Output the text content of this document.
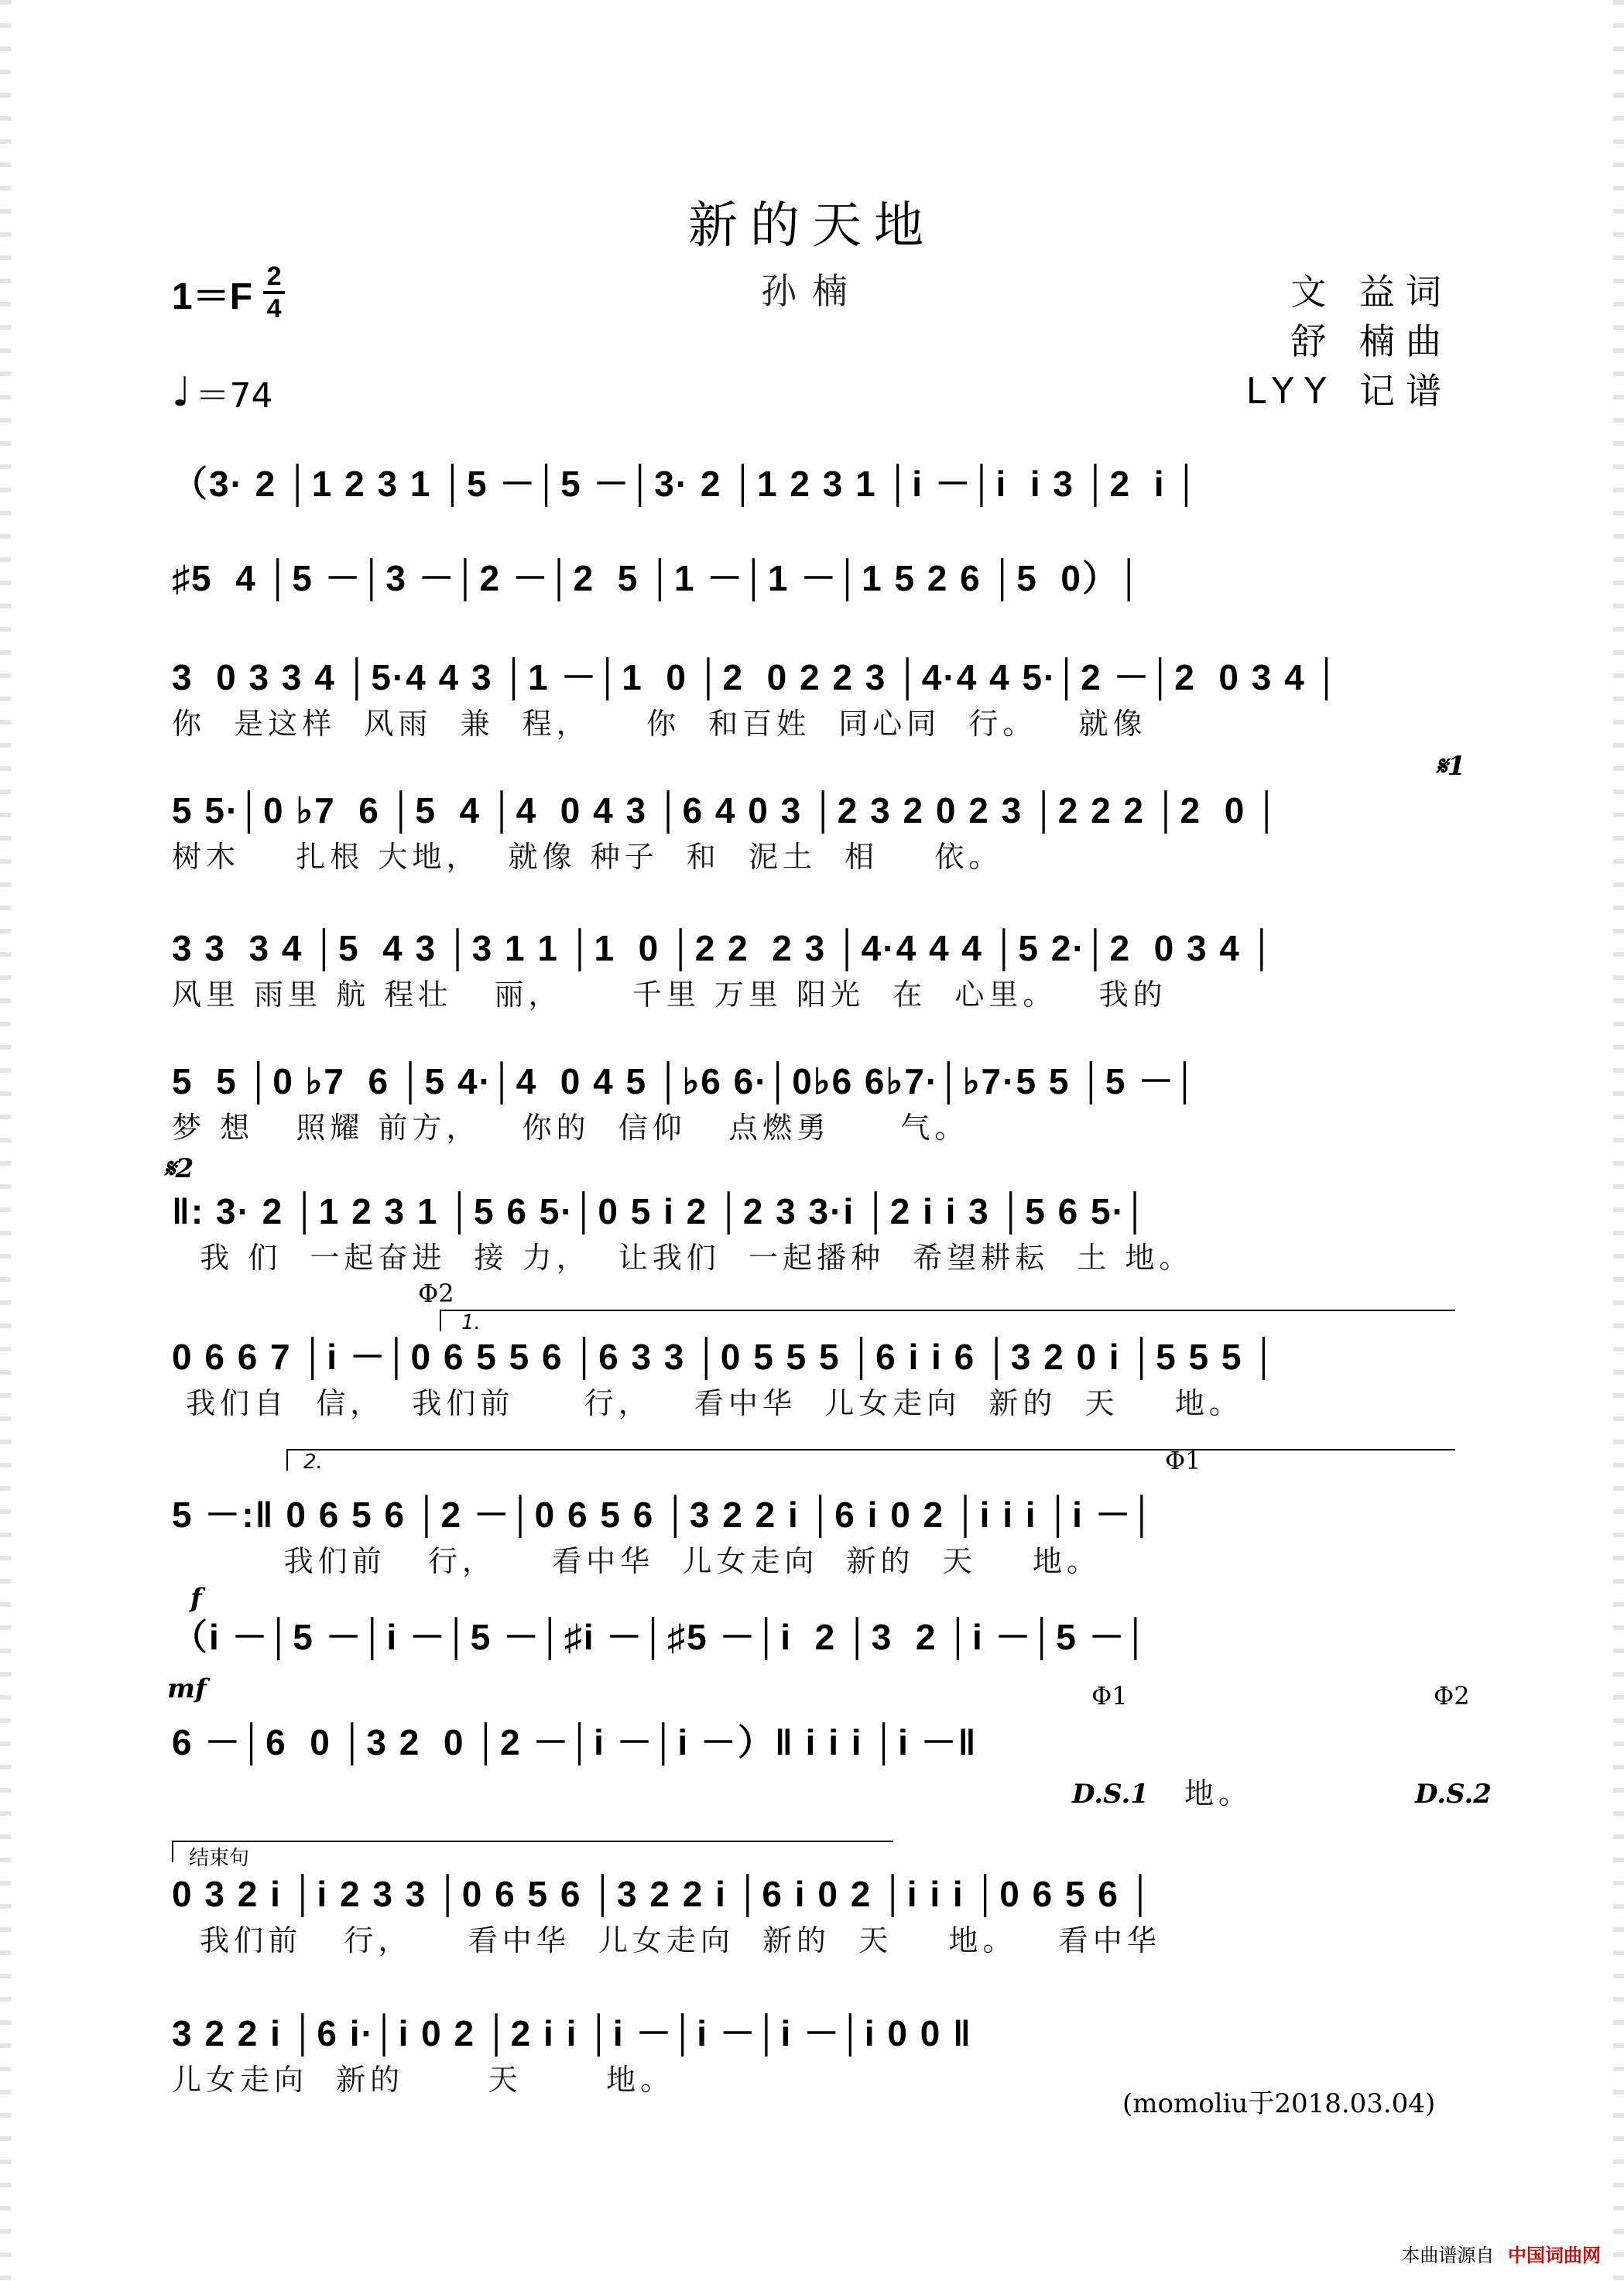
新的天地
孙楠
1＝F 2
4
♩ ＝74
文 益词
舒 楠曲
LYY 记谱
（3· 2 │1 2 3 1 │5 －│5 －│3· 2 │1 2 3 1 │i －│i  i 3 │2  i │
♯5  4 │5 －│3 －│2 －│2  5 │1 －│1 －│1 5 2 6 │5  0）│
3  0 3 3 4 │5·4 4 3 │1 －│1  0 │2  0 2 2 3 │4·4 4 5·│2 －│2  0 3 4 │
你  是这样  风雨  兼  程，    你  和百姓  同心同  行。   就像
5 5·│0 ♭7  6 │5  4 │4  0 4 3 │6 4 0 3 │2 3 2 0 2 3 │2 2 2 │2  0 │
树木    扎根 大地，  就像 种子  和  泥土  相    依。
𝄋1
3 3  3 4 │5  4 3 │3 1 1 │1  0 │2 2  2 3 │4·4 4 4 │5 2·│2  0 3 4 │
风里 雨里 航 程壮   丽，     千里 万里 阳光  在  心里。   我的
5  5 │0 ♭7  6 │5 4·│4  0 4 5 │♭6 6·│0♭6 6♭7·│♭7·5 5 │5 －│
梦 想   照耀 前方，   你的  信仰   点燃勇     气。
𝄋2
‖: 3· 2 │1 2 3 1 │5 6 5·│0 5 i 2 │2 3 3·i │2 i i 3 │5 6 5·│
我 们  一起奋进  接 力，  让我们  一起播种  希望耕耘  土 地。
Φ2
1.
0 6 6 7 │i －│0 6 5 5 6 │6 3 3 │0 5 5 5 │6 i i 6 │3 2 0 i │5 5 5 │
我们自  信，  我们前     行，   看中华  儿女走向  新的  天    地。
Φ1
2.
5 －:‖ 0 6 5 6 │2 －│0 6 5 6 │3 2 2 i │6 i 0 2 │i i i │i －│
我们前   行，    看中华  儿女走向  新的  天    地。
f
（i －│5 －│i －│5 －│♯i －│♯5 －│i  2 │3  2 │i －│5 －│
mf	Φ1	Φ2
6 －│6  0 │3 2  0 │2 －│i －│i －）‖ i i i │i －‖
D.S.1 地。	D.S.2
结束句
0 3 2 i │i 2 3 3 │0 6 5 6 │3 2 2 i │6 i 0 2 │i i i │0 6 5 6 │
我们前   行，    看中华  儿女走向  新的  天    地。   看中华
3 2 2 i │6 i·│i 0 2 │2 i i │i －│i －│i －│i 0 0 ‖
儿女走向  新的      天      地。
(momoliu于2018.03.04)
本曲谱源自 中国词曲网
